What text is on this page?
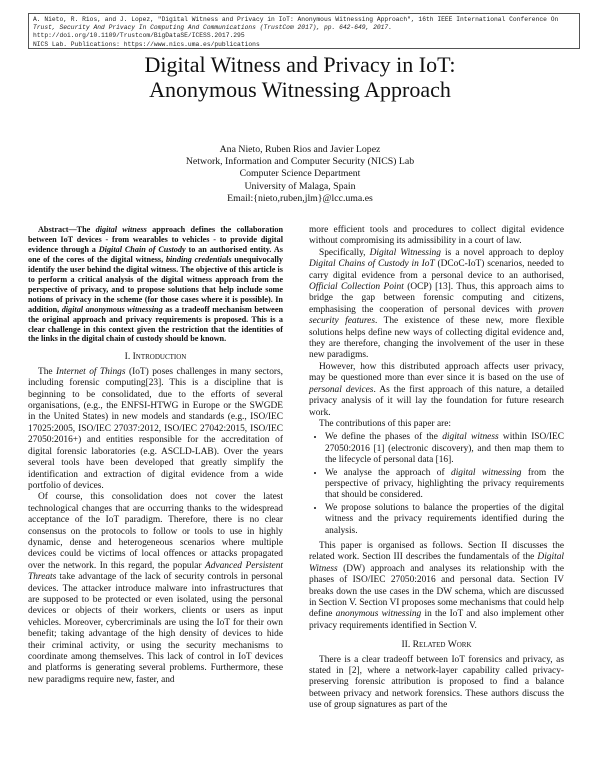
A. Nieto, R. Rios, and J. Lopez, "Digital Witness and Privacy in IoT: Anonymous Witnessing Approach", 16th IEEE International Conference On
Trust, Security And Privacy In Computing And Communications (TrustCom 2017), pp. 642-649, 2017.
http://doi.org/10.1109/Trustcom/BigDataSE/ICESS.2017.295
NICS Lab. Publications: https://www.nics.uma.es/publications
Digital Witness and Privacy in IoT:
Anonymous Witnessing Approach
Ana Nieto, Ruben Rios and Javier Lopez
Network, Information and Computer Security (NICS) Lab
Computer Science Department
University of Malaga, Spain
Email:{nieto,ruben,jlm}@lcc.uma.es

Abstract—The digital witness approach defines the collaboration between IoT devices - from wearables to vehicles - to provide digital evidence through a Digital Chain of Custody to an authorised entity. As one of the cores of the digital witness, binding credentials unequivocally identify the user behind the digital witness. The objective of this article is to perform a critical analysis of the digital witness approach from the perspective of privacy, and to propose solutions that help include some notions of privacy in the scheme (for those cases where it is possible). In addition, digital anonymous witnessing as a tradeoff mechanism between the original approach and privacy requirements is proposed. This is a clear challenge in this context given the restriction that the identities of the links in the digital chain of custody should be known.

I. Introduction

The Internet of Things (IoT) poses challenges in many sectors, including forensic computing[23]. This is a discipline that is beginning to be consolidated, due to the efforts of several organisations, (e.g., the ENFSI-HTWG in Europe or the SWGDE in the United States) in new models and standards (e.g., ISO/IEC 17025:2005, ISO/IEC 27037:2012, ISO/IEC 27042:2015, ISO/IEC 27050:2016+) and entities responsible for the accreditation of digital forensic laboratories (e.g. ASCLD-LAB). Over the years several tools have been developed that greatly simplify the identification and extraction of digital evidence from a wide portfolio of devices.

Of course, this consolidation does not cover the latest technological changes that are occurring thanks to the widespread acceptance of the IoT paradigm. Therefore, there is no clear consensus on the protocols to follow or tools to use in highly dynamic, dense and heterogeneous scenarios where multiple devices could be victims of local offences or attacks propagated over the network. In this regard, the popular Advanced Persistent Threats take advantage of the lack of security controls in personal devices. The attacker introduce malware into infrastructures that are supposed to be protected or even isolated, using the personal devices or objects of their workers, clients or users as input vehicles. Moreover, cybercriminals are using the IoT for their own benefit; taking advantage of the high density of devices to hide their criminal activity, or using the security mechanisms to coordinate among themselves. This lack of control in IoT devices and platforms is generating several problems. Furthermore, these new paradigms require new, faster, and

more efficient tools and procedures to collect digital evidence without compromising its admissibility in a court of law.

Specifically, Digital Witnessing is a novel approach to deploy Digital Chains of Custody in IoT (DCoC-IoT) scenarios, needed to carry digital evidence from a personal device to an authorised, Official Collection Point (OCP) [13]. Thus, this approach aims to bridge the gap between forensic computing and citizens, emphasising the cooperation of personal devices with proven security features. The existence of these new, more flexible solutions helps define new ways of collecting digital evidence and, they are therefore, changing the involvement of the user in these new paradigms.

However, how this distributed approach affects user privacy, may be questioned more than ever since it is based on the use of personal devices. As the first approach of this nature, a detailed privacy analysis of it will lay the foundation for future research work.

The contributions of this paper are:

• We define the phases of the digital witness within ISO/IEC 27050:2016 [1] (electronic discovery), and then map them to the lifecycle of personal data [16].
• We analyse the approach of digital witnessing from the perspective of privacy, highlighting the privacy requirements that should be considered.
• We propose solutions to balance the properties of the digital witness and the privacy requirements identified during the analysis.

This paper is organised as follows. Section II discusses the related work. Section III describes the fundamentals of the Digital Witness (DW) approach and analyses its relationship with the phases of ISO/IEC 27050:2016 and personal data. Section IV breaks down the use cases in the DW schema, which are discussed in Section V. Section VI proposes some mechanisms that could help define anonymous witnessing in the IoT and also implement other privacy requirements identified in Section V.

II. Related Work

There is a clear tradeoff between IoT forensics and privacy, as stated in [2], where a network-layer capability called privacy-preserving forensic attribution is proposed to find a balance between privacy and network forensics. These authors discuss the use of group signatures as part of the
